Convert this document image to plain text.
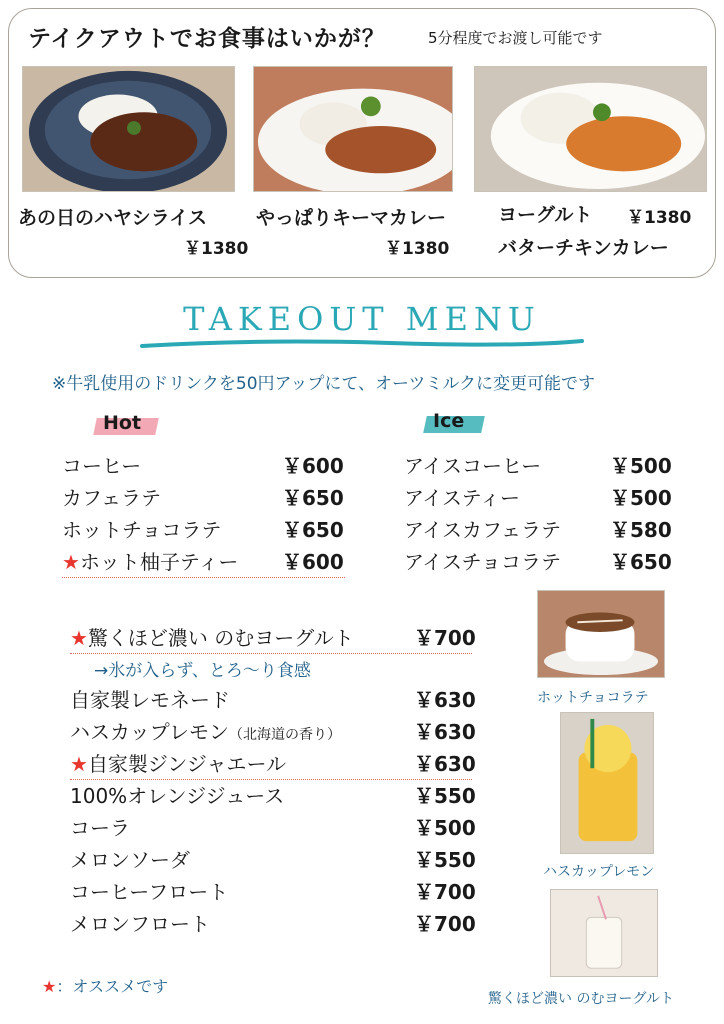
テイクアウトでお食事はいかが？	5分程度でお渡し可能です
あの日のハヤシライス
￥1380
やっぱりキーマカレー
￥1380
ヨーグルト ￥1380
バターチキンカレー
TAKEOUT MENU
※牛乳使用のドリンクを50円アップにて、オーツミルクに変更可能です
Hot	Ice
コーヒー	￥600
カフェラテ	￥650
ホットチョコラテ	￥650
★ホット柚子ティー ￥600
アイスコーヒー	￥500
アイスティー	￥500
アイスカフェラテ ￥580
アイスチョコラテ ￥650
★驚くほど濃い のむヨーグルト	￥700
→氷が入らず、とろ〜り食感
自家製レモネード	￥630
ハスカップレモン（北海道の香り）	￥630
★自家製ジンジャエール	￥630
100%オレンジジュース	￥550
コーラ	￥500
メロンソーダ	￥550
コーヒーフロート	￥700
メロンフロート	￥700
ホットチョコラテ
ハスカップレモン
驚くほど濃い のむヨーグルト
★：オススメです
